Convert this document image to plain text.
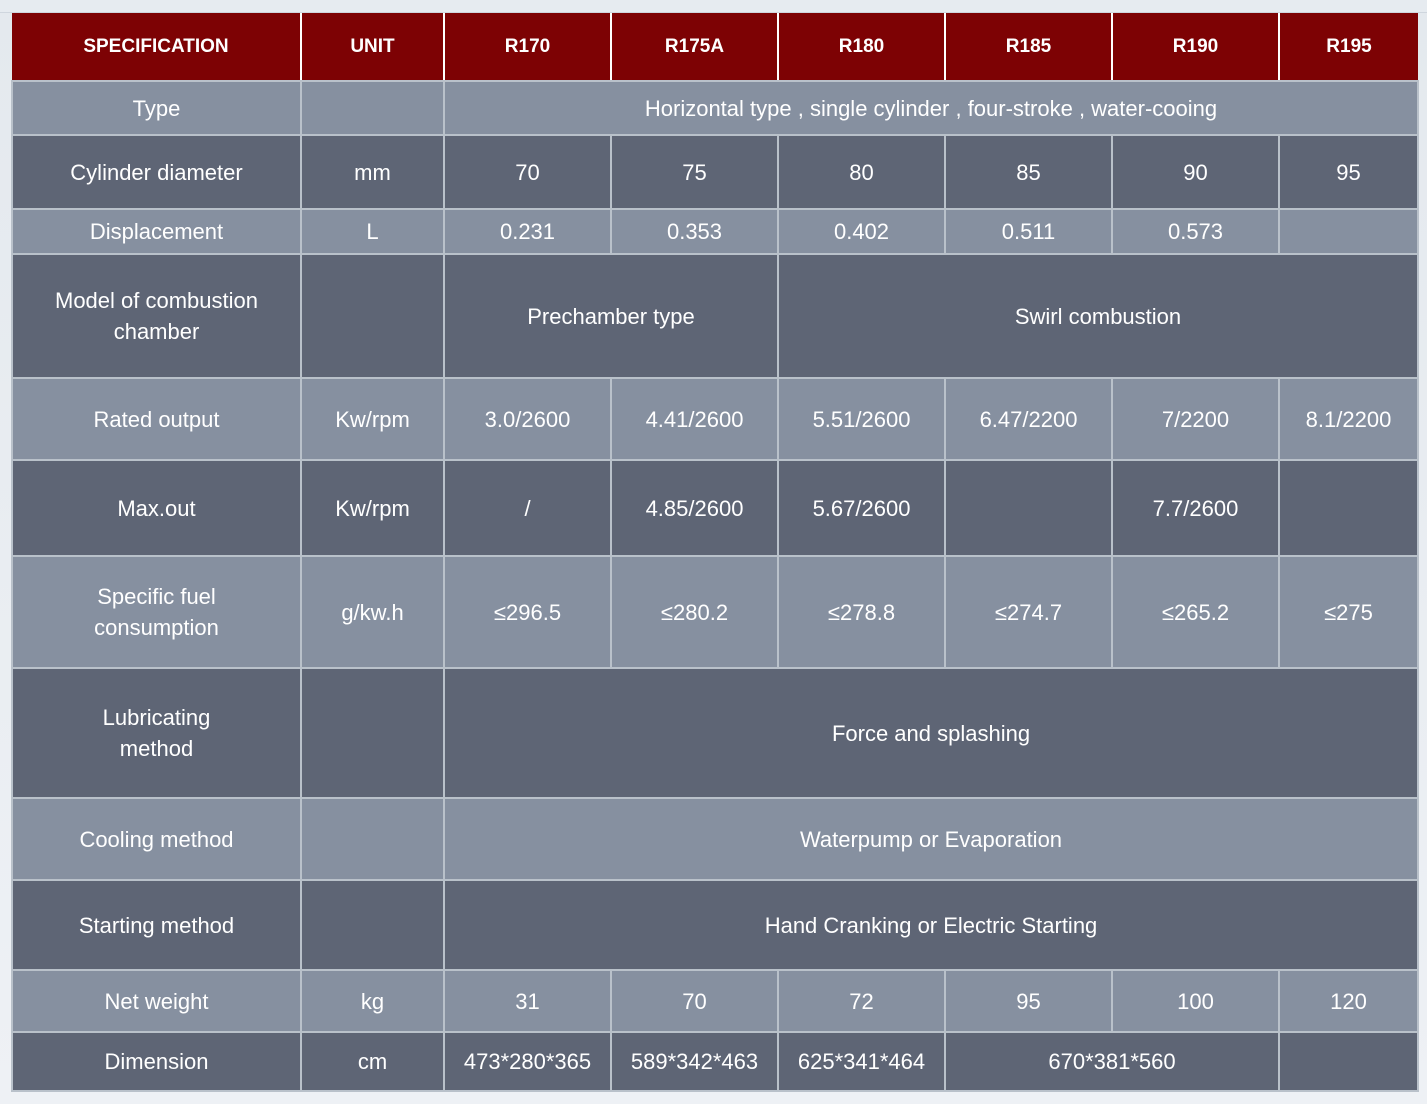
SPECIFICATION	UNIT	R170	R175A	R180	R185	R190	R195
Type		Horizontal type , single cylinder , four-stroke , water-cooing					
Cylinder diameter	mm	70	75	80	85	90	95
Displacement	L	0.231	0.353	0.402	0.511	0.573	
Model of combustion
chamber		Prechamber type		Swirl combustion			
Rated output	Kw/rpm	3.0/2600	4.41/2600	5.51/2600	6.47/2200	7/2200	8.1/2200
Max.out	Kw/rpm	/	4.85/2600	5.67/2600		7.7/2600	
Specific fuel
consumption	g/kw.h	≤296.5	≤280.2	≤278.8	≤274.7	≤265.2	≤275
Lubricating
method		Force and splashing					
Cooling method		Waterpump or Evaporation					
Starting method		Hand Cranking or Electric Starting					
Net weight	kg	31	70	72	95	100	120
Dimension	cm	473*280*365	589*342*463	625*341*464	670*381*560		
